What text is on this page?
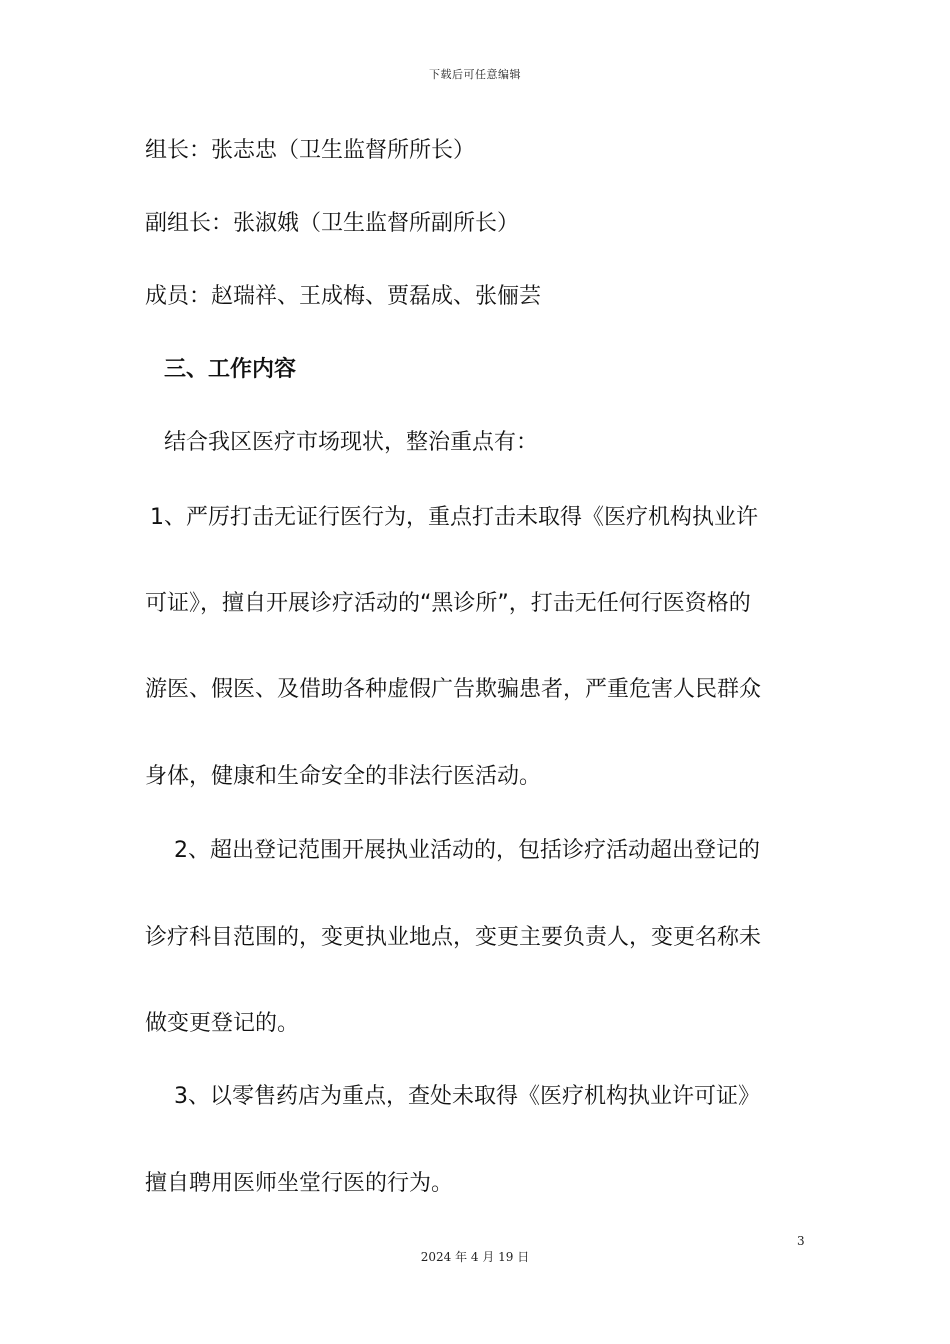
下载后可任意编辑
组长：张志忠（卫生监督所所长）
副组长：张淑娥（卫生监督所副所长）
成员：赵瑞祥、王成梅、贾磊成、张俪芸
三、工作内容
结合我区医疗市场现状，整治重点有：
1、严厉打击无证行医行为，重点打击未取得《医疗机构执业许
可证》，擅自开展诊疗活动的“黑诊所”，打击无任何行医资格的
游医、假医、及借助各种虚假广告欺骗患者，严重危害人民群众
身体，健康和生命安全的非法行医活动。
2、超出登记范围开展执业活动的，包括诊疗活动超出登记的
诊疗科目范围的，变更执业地点，变更主要负责人，变更名称未
做变更登记的。
3、以零售药店为重点，查处未取得《医疗机构执业许可证》
擅自聘用医师坐堂行医的行为。
3
2024 年 4 月 19 日
